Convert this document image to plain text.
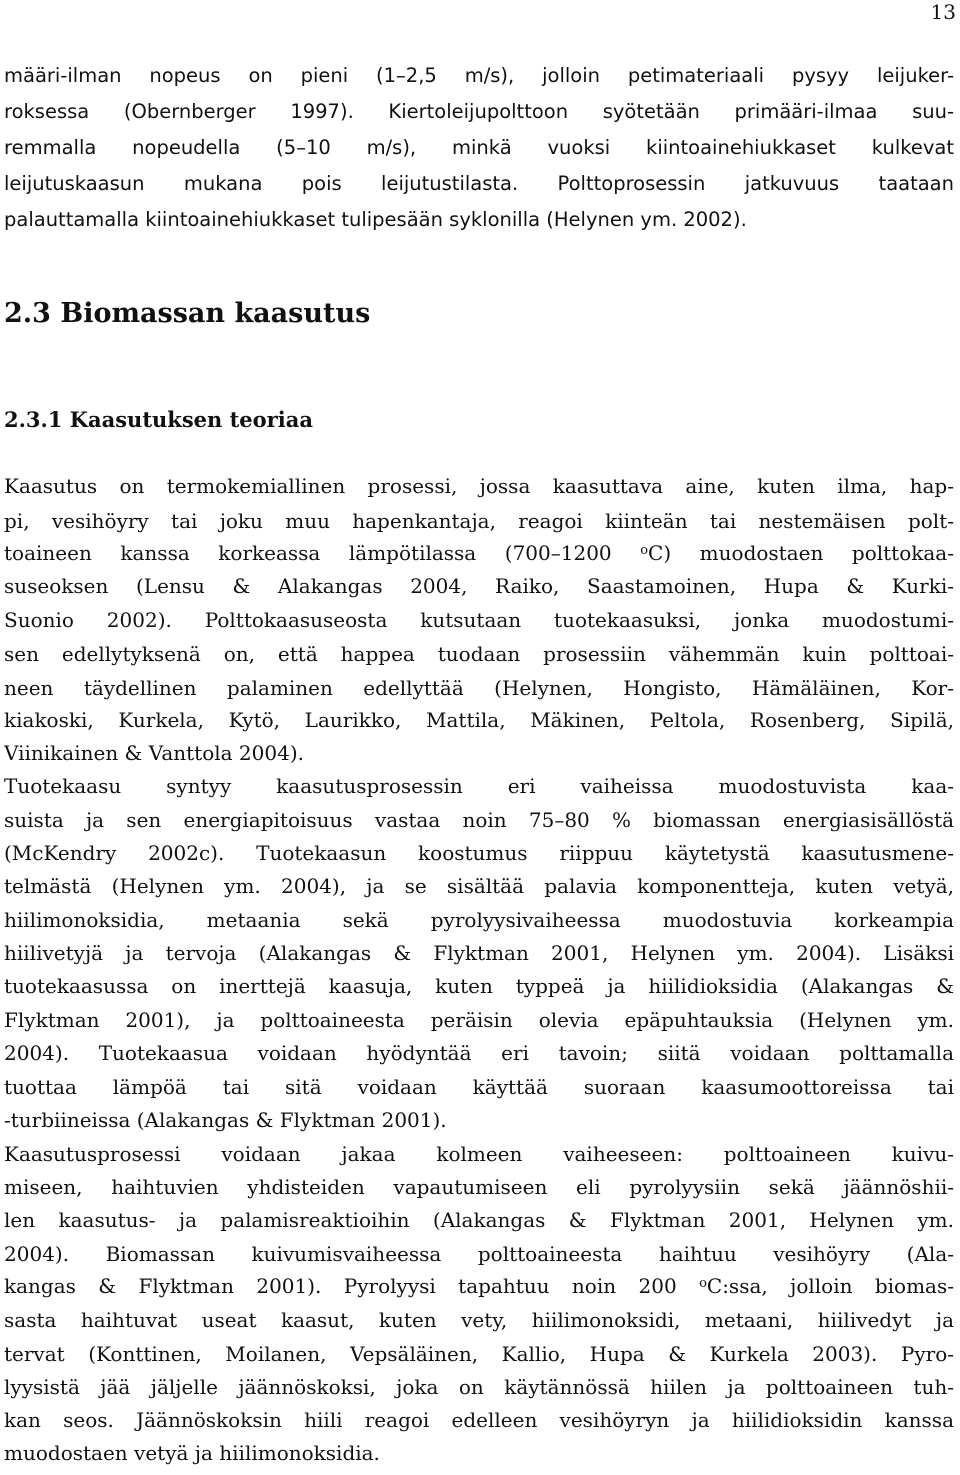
13
määri-ilman nopeus on pieni (1–2,5 m/s), jolloin petimateriaali pysyy leijuker-
roksessa (Obernberger 1997). Kiertoleijupolttoon syötetään primääri-ilmaa suu-
remmalla nopeudella (5–10 m/s), minkä vuoksi kiintoainehiukkaset kulkevat
leijutuskaasun mukana pois leijutustilasta. Polttoprosessin jatkuvuus taataan
palauttamalla kiintoainehiukkaset tulipesään syklonilla (Helynen ym. 2002).
2.3 Biomassan kaasutus
2.3.1 Kaasutuksen teoriaa
Kaasutus on termokemiallinen prosessi, jossa kaasuttava aine, kuten ilma, hap-
pi, vesihöyry tai joku muu hapenkantaja, reagoi kiinteän tai nestemäisen polt-
toaineen kanssa korkeassa lämpötilassa (700–1200 $^o$C) muodostaen polttokaa-
suseoksen (Lensu & Alakangas 2004, Raiko, Saastamoinen, Hupa & Kurki-
Suonio 2002). Polttokaasuseosta kutsutaan tuotekaasuksi, jonka muodostumi-
sen edellytyksenä on, että happea tuodaan prosessiin vähemmän kuin polttoai-
neen täydellinen palaminen edellyttää (Helynen, Hongisto, Hämäläinen, Kor-
kiakoski, Kurkela, Kytö, Laurikko, Mattila, Mäkinen, Peltola, Rosenberg, Sipilä,
Viinikainen & Vanttola 2004).
Tuotekaasu syntyy kaasutusprosessin eri vaiheissa muodostuvista kaa-
suista ja sen energiapitoisuus vastaa noin 75–80 % biomassan energiasisällöstä
(McKendry 2002c). Tuotekaasun koostumus riippuu käytetystä kaasutusmene-
telmästä (Helynen ym. 2004), ja se sisältää palavia komponentteja, kuten vetyä,
hiilimonoksidia, metaania sekä pyrolyysivaiheessa muodostuvia korkeampia
hiilivetyjä ja tervoja (Alakangas & Flyktman 2001, Helynen ym. 2004). Lisäksi
tuotekaasussa on inerttejä kaasuja, kuten typpeä ja hiilidioksidia (Alakangas &
Flyktman 2001), ja polttoaineesta peräisin olevia epäpuhtauksia (Helynen ym.
2004). Tuotekaasua voidaan hyödyntää eri tavoin; siitä voidaan polttamalla
tuottaa lämpöä tai sitä voidaan käyttää suoraan kaasumoottoreissa tai
-turbiineissa (Alakangas & Flyktman 2001).
Kaasutusprosessi voidaan jakaa kolmeen vaiheeseen: polttoaineen kuivu-
miseen, haihtuvien yhdisteiden vapautumiseen eli pyrolyysiin sekä jäännöshii-
len kaasutus- ja palamisreaktioihin (Alakangas & Flyktman 2001, Helynen ym.
2004). Biomassan kuivumisvaiheessa polttoaineesta haihtuu vesihöyry (Ala-
kangas & Flyktman 2001). Pyrolyysi tapahtuu noin 200 $^o$C:ssa, jolloin biomas-
sasta haihtuvat useat kaasut, kuten vety, hiilimonoksidi, metaani, hiilivedyt ja
tervat (Konttinen, Moilanen, Vepsäläinen, Kallio, Hupa & Kurkela 2003). Pyro-
lyysistä jää jäljelle jäännöskoksi, joka on käytännössä hiilen ja polttoaineen tuh-
kan seos. Jäännöskoksin hiili reagoi edelleen vesihöyryn ja hiilidioksidin kanssa
muodostaen vetyä ja hiilimonoksidia.
